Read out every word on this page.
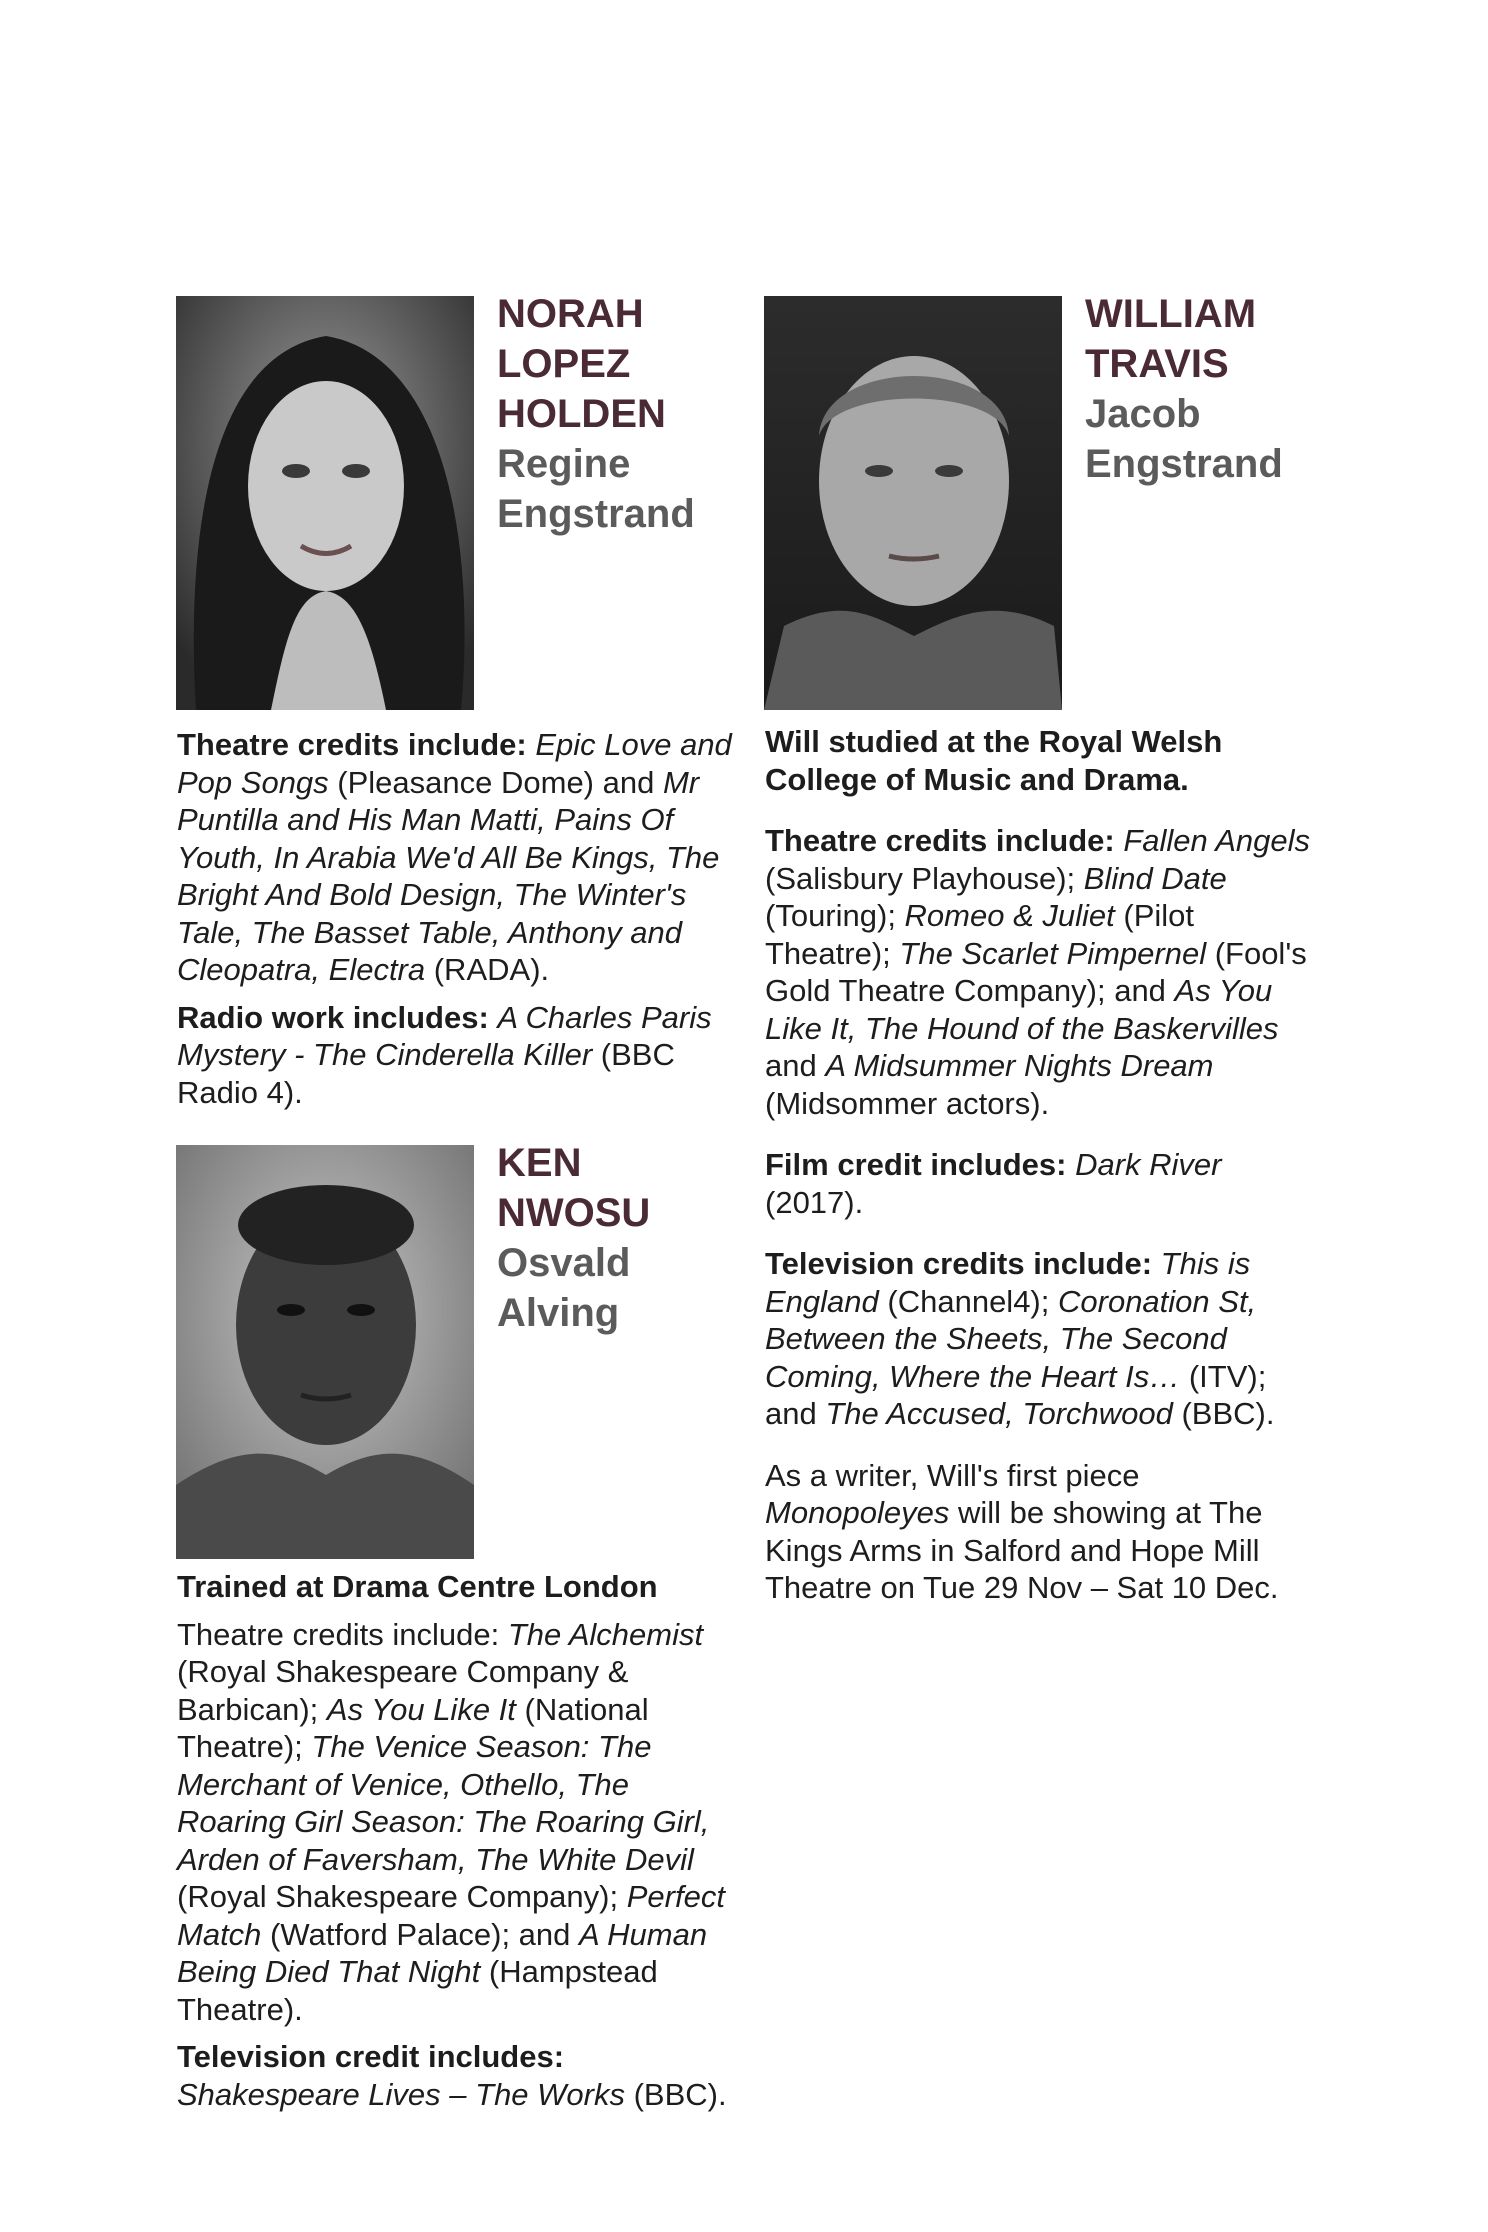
NORAH
LOPEZ
HOLDEN
Regine
Engstrand

Theatre credits include: Epic Love and Pop Songs (Pleasance Dome) and Mr Puntilla and His Man Matti, Pains Of Youth, In Arabia We'd All Be Kings, The Bright And Bold Design, The Winter's Tale, The Basset Table, Anthony and Cleopatra, Electra (RADA).

Radio work includes: A Charles Paris Mystery - The Cinderella Killer (BBC Radio 4).

KEN
NWOSU
Osvald
Alving

Trained at Drama Centre London

Theatre credits include: The Alchemist (Royal Shakespeare Company & Barbican); As You Like It (National Theatre); The Venice Season: The Merchant of Venice, Othello, The Roaring Girl Season: The Roaring Girl, Arden of Faversham, The White Devil (Royal Shakespeare Company); Perfect Match (Watford Palace); and A Human Being Died That Night (Hampstead Theatre).

Television credit includes: Shakespeare Lives – The Works (BBC).

WILLIAM
TRAVIS
Jacob
Engstrand

Will studied at the Royal Welsh College of Music and Drama.

Theatre credits include: Fallen Angels (Salisbury Playhouse); Blind Date (Touring); Romeo & Juliet (Pilot Theatre); The Scarlet Pimpernel (Fool's Gold Theatre Company); and As You Like It, The Hound of the Baskervilles and A Midsummer Nights Dream (Midsommer actors).

Film credit includes: Dark River (2017).

Television credits include: This is England (Channel4); Coronation St, Between the Sheets, The Second Coming, Where the Heart Is… (ITV); and The Accused, Torchwood (BBC).

As a writer, Will's first piece Monopoleyes will be showing at The Kings Arms in Salford and Hope Mill Theatre on Tue 29 Nov – Sat 10 Dec.
